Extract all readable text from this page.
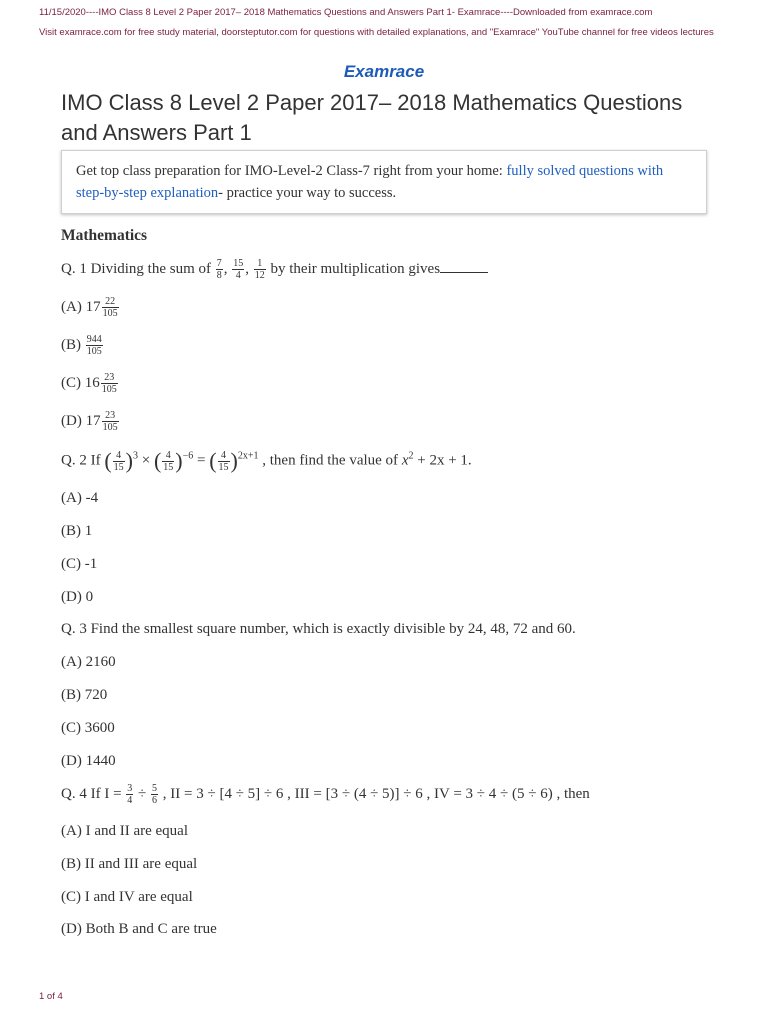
11/15/2020----IMO Class 8 Level 2 Paper 2017– 2018 Mathematics Questions and Answers Part 1- Examrace----Downloaded from examrace.com
Visit examrace.com for free study material, doorsteptutor.com for questions with detailed explanations, and "Examrace" YouTube channel for free videos lectures
Examrace
IMO Class 8 Level 2 Paper 2017– 2018 Mathematics Questions and Answers Part 1
Get top class preparation for IMO-Level-2 Class-7 right from your home: fully solved questions with step-by-step explanation- practice your way to success.
Mathematics
Q. 1 Dividing the sum of $\frac{7}{8}$ , $\frac{15}{4}$ , $\frac{1}{12}$ by their multiplication gives
(A) $17 \frac{22}{105}$
$(B) \frac{944}{105}$
(C) $16 \frac{23}{105}$
(D) $17 \frac{23}{105}$
Q. 2 If ( $\frac{4}{15} )^3$ × ( $\frac{4}{15} )^{-6}$ = ( $\frac{4}{15} )^{2x+1}$ , then find the value of $x^2 + 2x + 1$.
(A) -4
(B) 1
(C) -1
(D) 0
Q. 3 Find the smallest square number, which is exactly divisible by 24, 48, 72 and 60.
(A) 2160
(B) 720
(C) 3600
(D) 1440
Q. 4 If $I = \frac{3}{4} \div \frac{5}{6}$ , II = 3 ÷ [4 ÷ 5] ÷ 6 , III = [3 ÷ (4 ÷ 5)] ÷ 6 , IV = 3 ÷ 4 ÷ (5 ÷ 6) , then
(A) I and II are equal
(B) II and III are equal
(C) I and IV are equal
(D) Both B and C are true
1 of 4
